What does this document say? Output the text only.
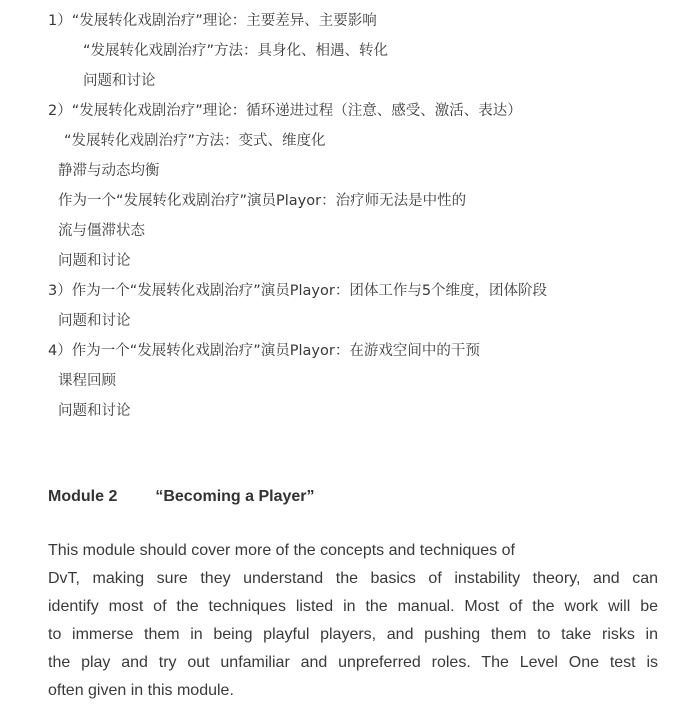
1）“发展转化戏剧治疗”理论：主要差异、主要影响
“发展转化戏剧治疗”方法：具身化、相遇、转化
问题和讨论
2）“发展转化戏剧治疗”理论：循环递进过程（注意、感受、激活、表达）
“发展转化戏剧治疗”方法：变式、维度化
静滞与动态均衡
作为一个“发展转化戏剧治疗”演员Playor：治疗师无法是中性的
流与僵滞状态
问题和讨论
3）作为一个“发展转化戏剧治疗”演员Playor：团体工作与5个维度，团体阶段
问题和讨论
4）作为一个“发展转化戏剧治疗”演员Playor：在游戏空间中的干预
课程回顾
问题和讨论
Module 2 “Becoming a Player”
This module should cover more of the concepts and techniques of
DvT, making sure they understand the basics of instability theory, and can
identify most of the techniques listed in the manual. Most of the work will be
to immerse them in being playful players, and pushing them to take risks in
the play and try out unfamiliar and unpreferred roles. The Level One test is
often given in this module.
